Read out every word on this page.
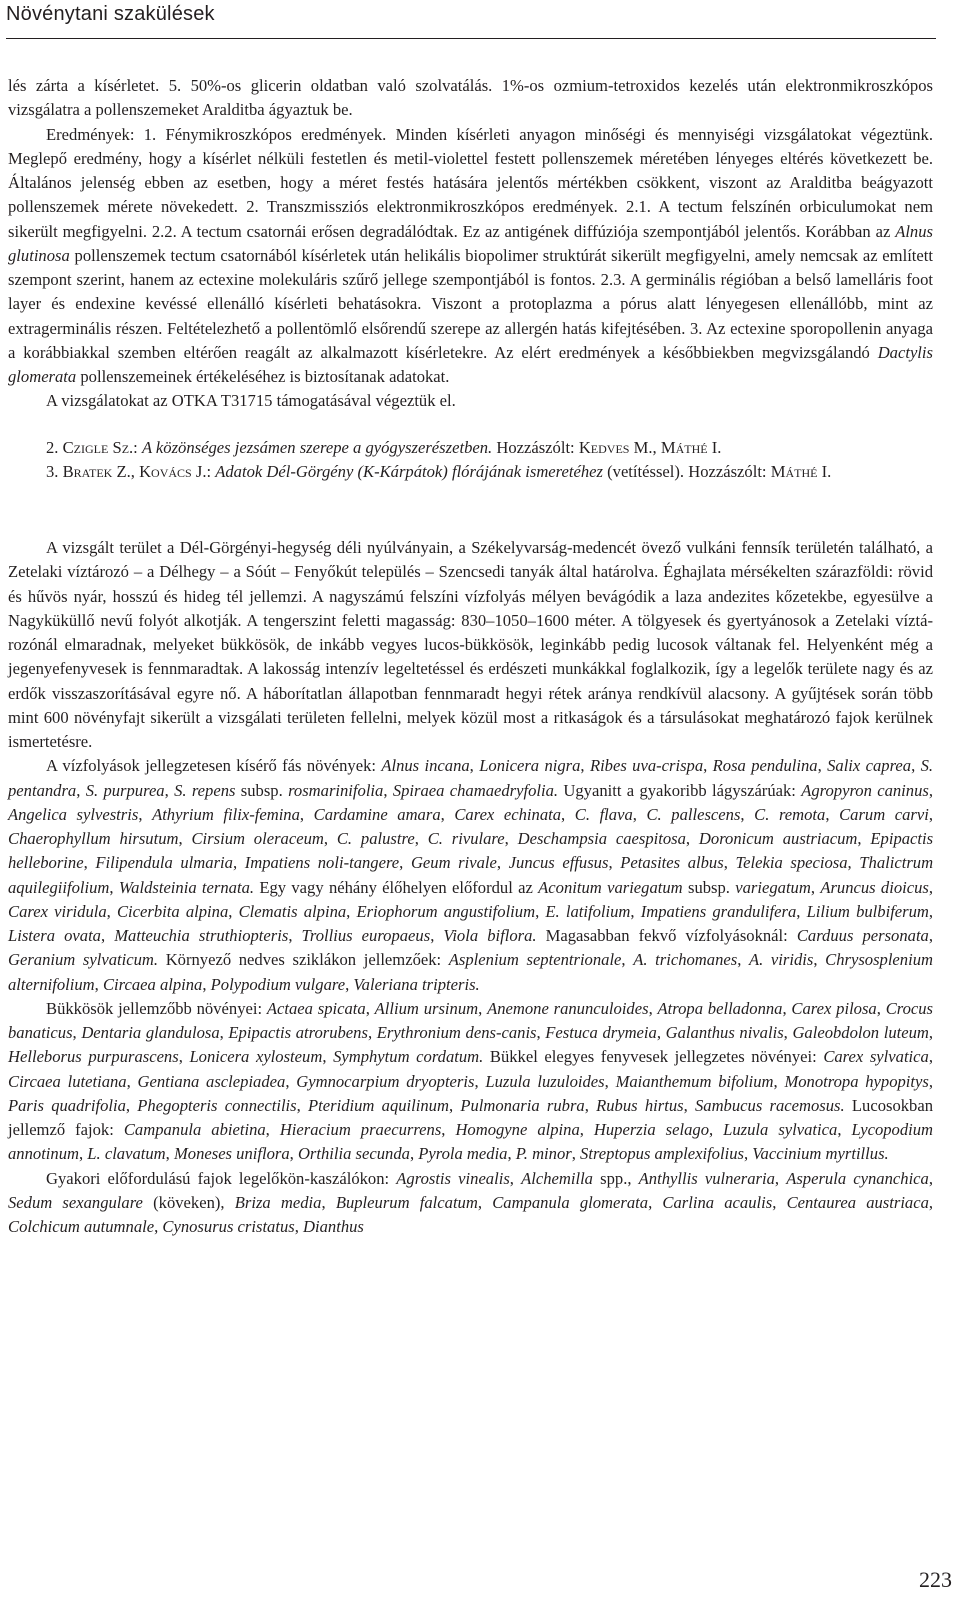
Növénytani szakülések

lés zárta a kísérletet. 5. 50%-os glicerin oldatban való szolvatálás. 1%-os ozmium-tetroxidos kezelés után elektronmikroszkópos vizsgálatra a pollenszemeket Aralditba ágyaztuk be.

Eredmények: 1. Fénymikroszkópos eredmények. Minden kísérleti anyagon minőségi és mennyiségi vizsgálatokat végeztünk. Meglepő eredmény, hogy a kísérlet nélküli festetlen és metil-violettel festett pollenszemek méretében lényeges eltérés következett be. Általános jelenség ebben az esetben, hogy a méret festés hatására jelentős mértékben csökkent, viszont az Aralditba beágyazott pollenszemek mérete növekedett. 2. Transzmissziós elektronmikroszkópos eredmények. 2.1. A tectum felszínén orbiculumokat nem sikerült megfigyelni. 2.2. A tectum csatornái erősen degradálódtak. Ez az antigének diffúziója szempontjából jelentős. Korábban az Alnus glutinosa pollenszemek tectum csatornából kísérletek után helikális biopolimer struktúrát sikerült megfigyelni, amely nemcsak az említett szempont szerint, hanem az ectexine molekuláris szűrő jellege szempontjából is fontos. 2.3. A germinális régióban a belső lamelláris foot layer és endexine kevéssé ellenálló kísérleti behatásokra. Viszont a protoplazma a pórus alatt lényegesen ellenállóbb, mint az extragerminális részen. Feltételezhető a pollentömlő elsőrendű szerepe az allergén hatás kifejtésében. 3. Az ectexine sporopollenin anyaga a korábbiakkal szemben eltérően reagált az alkalmazott kísérletekre. Az elért eredmények a későbbiekben megvizsgálandó Dactylis glomerata pollenszemeinek értékeléséhez is biztosítanak adatokat.

A vizsgálatokat az OTKA T31715 támogatásával végeztük el.

2. Czigle Sz.: A közönséges jezsámen szerepe a gyógyszerészetben. Hozzászólt: Kedves M., Máthé I.

3. Bratek Z., Kovács J.: Adatok Dél-Görgény (K-Kárpátok) flórájának ismeretéhez (vetítéssel). Hozzászólt: Máthé I.

A vizsgált terület a Dél-Görgényi-hegység déli nyúlványain, a Székelyvarság-medencét övező vulkáni fennsík területén található, a Zetelaki víztározó – a Délhegy – a Sóút – Fenyőkút település – Szencsedi tanyák által határolva. Éghajlata mérsékelten szárazföldi: rövid és hűvös nyár, hosszú és hideg tél jellemzi. A nagyszámú felszíni vízfolyás mélyen bevágódik a laza andezites kőzetekbe, egyesülve a Nagyküküllő nevű folyót alkotják. A tengerszint feletti magasság: 830–1050–1600 méter. A tölgyesek és gyertyánosok a Zetelaki víztározónál elmaradnak, melyeket bükkösök, de inkább vegyes lucos-bükkösök, leginkább pedig lucosok váltanak fel. Helyenként még a jegenyefenyvesek is fennmaradtak. A lakosság intenzív legeltetéssel és erdészeti munkákkal foglalkozik, így a legelők területe nagy és az erdők visszaszorításával egyre nő. A háborítatlan állapotban fennmaradt hegyi rétek aránya rendkívül alacsony. A gyűjtések során több mint 600 növényfajt sikerült a vizsgálati területen fellelni, melyek közül most a ritkaságok és a társulásokat meghatározó fajok kerülnek ismertetésre.

A vízfolyások jellegzetesen kísérő fás növények: Alnus incana, Lonicera nigra, Ribes uva-crispa, Rosa pendulina, Salix caprea, S. pentandra, S. purpurea, S. repens subsp. rosmarinifolia, Spiraea chamaedryfolia. Ugyanitt a gyakoribb lágyszárúak: Agropyron caninus, Angelica sylvestris, Athyrium filix-femina, Cardamine amara, Carex echinata, C. flava, C. pallescens, C. remota, Carum carvi, Chaerophyllum hirsutum, Cirsium oleraceum, C. palustre, C. rivulare, Deschampsia caespitosa, Doronicum austriacum, Epipactis helleborine, Filipendula ulmaria, Impatiens noli-tangere, Geum rivale, Juncus effusus, Petasites albus, Telekia speciosa, Thalictrum aquilegiifolium, Waldsteinia ternata. Egy vagy néhány élőhelyen előfordul az Aconitum variegatum subsp. variegatum, Aruncus dioicus, Carex viridula, Cicerbita alpina, Clematis alpina, Eriophorum angustifolium, E. latifolium, Impatiens grandulifera, Lilium bulbiferum, Listera ovata, Matteuchia struthiopteris, Trollius europaeus, Viola biflora. Magasabban fekvő vízfolyásoknál: Carduus personata, Geranium sylvaticum. Környező nedves sziklákon jellemzőek: Asplenium septentrionale, A. trichomanes, A. viridis, Chrysosplenium alternifolium, Circaea alpina, Polypodium vulgare, Valeriana tripteris.

Bükkösök jellemzőbb növényei: Actaea spicata, Allium ursinum, Anemone ranunculoides, Atropa belladonna, Carex pilosa, Crocus banaticus, Dentaria glandulosa, Epipactis atrorubens, Erythronium dens-canis, Festuca drymeia, Galanthus nivalis, Galeobdolon luteum, Helleborus purpurascens, Lonicera xylosteum, Symphytum cordatum. Bükkel elegyes fenyvesek jellegzetes növényei: Carex sylvatica, Circaea lutetiana, Gentiana asclepiadea, Gymnocarpium dryopteris, Luzula luzuloides, Maianthemum bifolium, Monotropa hypopitys, Paris quadrifolia, Phegopteris connectilis, Pteridium aquilinum, Pulmonaria rubra, Rubus hirtus, Sambucus racemosus. Lucosokban jellemző fajok: Campanula abietina, Hieracium praecurrens, Homogyne alpina, Huperzia selago, Luzula sylvatica, Lycopodium annotinum, L. clavatum, Moneses uniflora, Orthilia secunda, Pyrola media, P. minor, Streptopus amplexifolius, Vaccinium myrtillus.

Gyakori előfordulású fajok legelőkön-kaszálókon: Agrostis vinealis, Alchemilla spp., Anthyllis vulneraria, Asperula cynanchica, Sedum sexangulare (köveken), Briza media, Bupleurum falcatum, Campanula glomerata, Carlina acaulis, Centaurea austriaca, Colchicum autumnale, Cynosurus cristatus, Dianthus

223
